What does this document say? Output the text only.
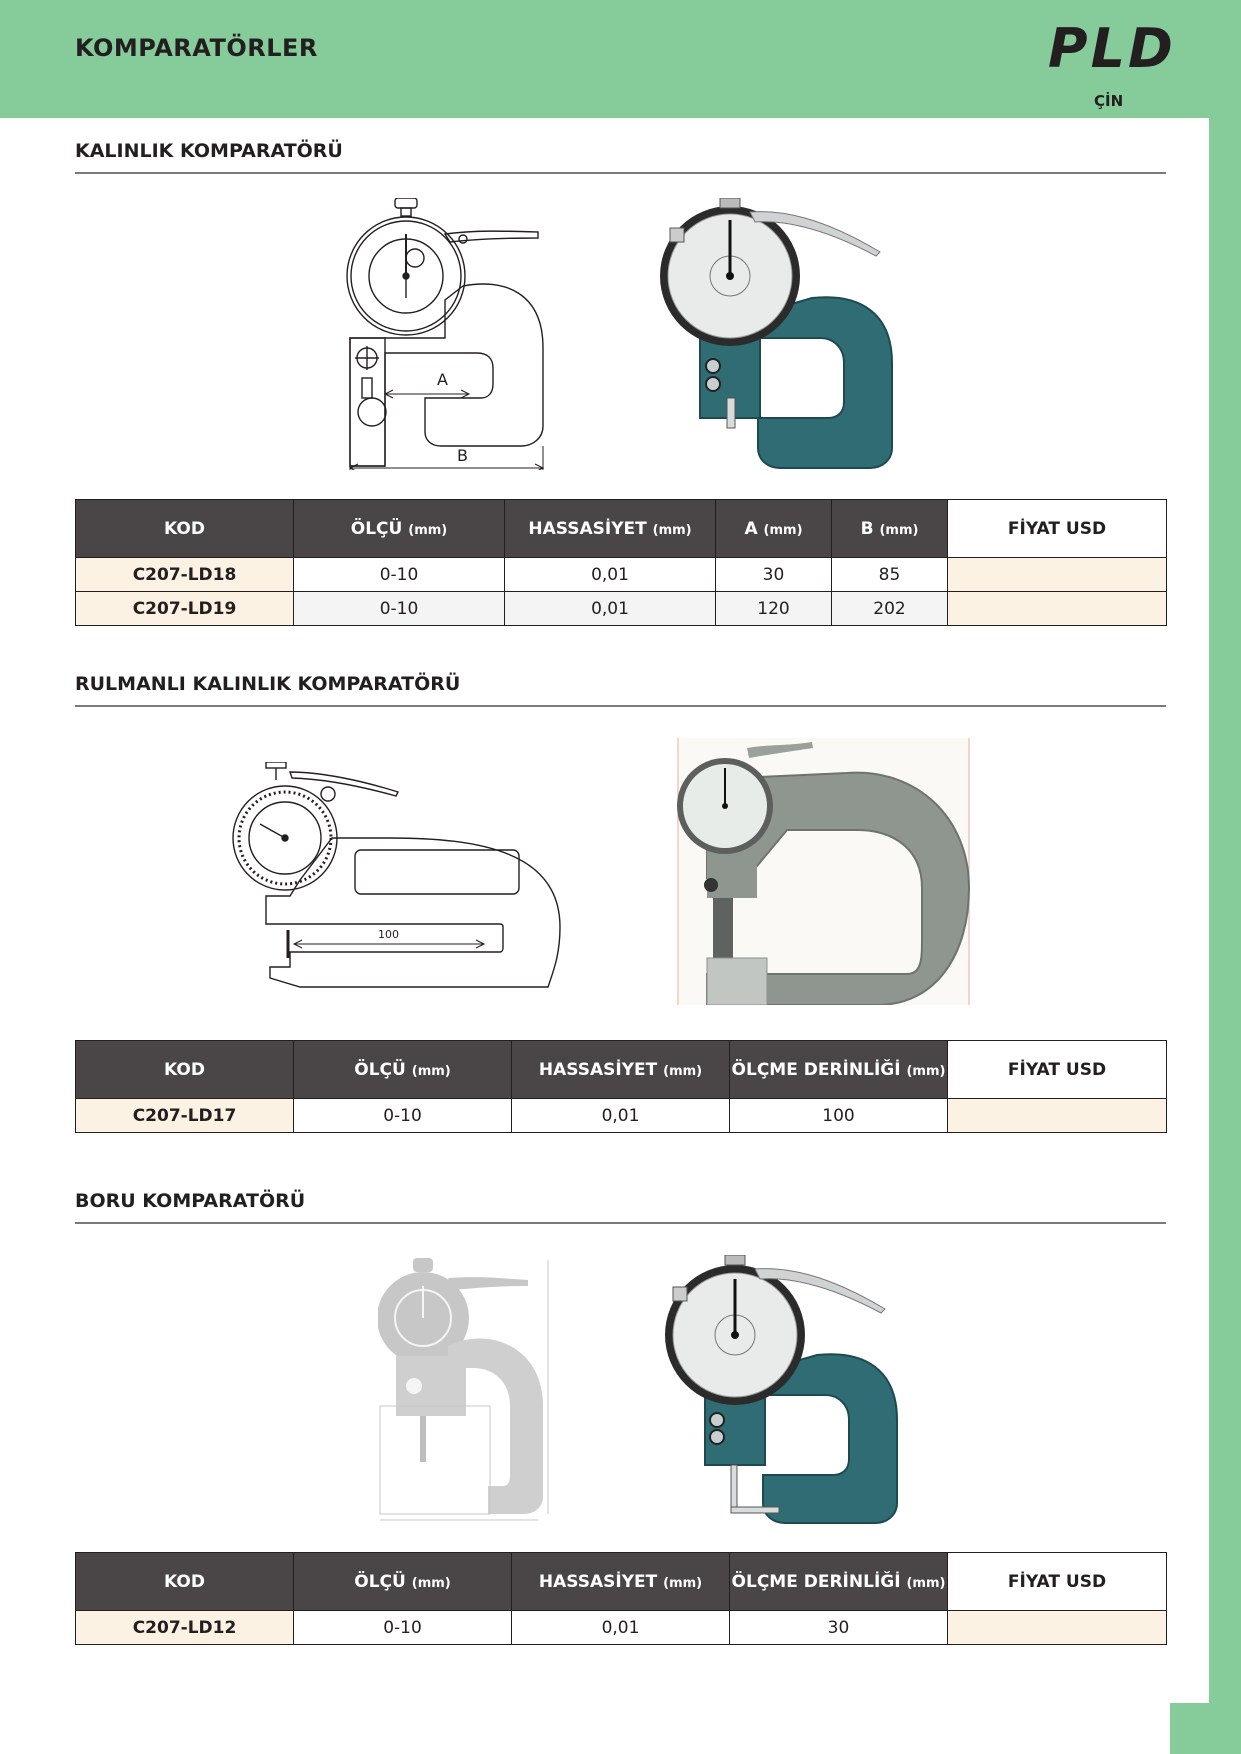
KOMPARATÖRLER	PLD
ÇİN
KALINLIK KOMPARATÖRÜ
A
B
KOD	ÖLÇÜ (mm)	HASSASİYET (mm)	A (mm)	B (mm)	FİYAT USD
C207-LD18	0-10	0,01	30	85	
C207-LD19	0-10	0,01	120	202	
RULMANLI KALINLIK KOMPARATÖRÜ
100
KOD	ÖLÇÜ (mm)	HASSASİYET (mm)	ÖLÇME DERİNLİĞİ (mm)	FİYAT USD
C207-LD17	0-10	0,01	100	
BORU KOMPARATÖRÜ
KOD	ÖLÇÜ (mm)	HASSASİYET (mm)	ÖLÇME DERİNLİĞİ (mm)	FİYAT USD
C207-LD12	0-10	0,01	30	
